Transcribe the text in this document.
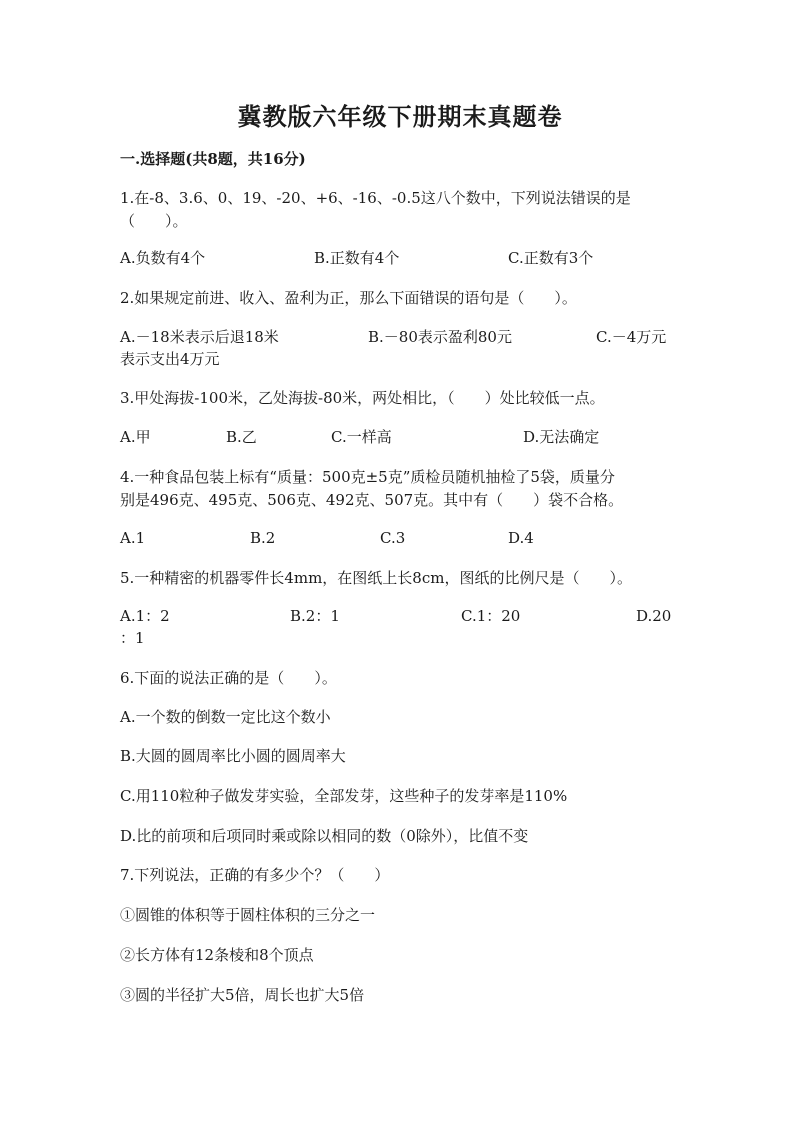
冀教版六年级下册期末真题卷
一.选择题(共8题，共16分)
1.在-8、3.6、0、19、-20、+6、-16、-0.5这八个数中，下列说法错误的是
（　　）。
A.负数有4个	B.正数有4个	C.正数有3个
2.如果规定前进、收入、盈利为正，那么下面错误的语句是（　　）。
A.－18米表示后退18米	B.－80表示盈利80元	C.－4万元
表示支出4万元
3.甲处海拔-100米，乙处海拔-80米，两处相比，（　　）处比较低一点。
A.甲	B.乙	C.一样高	D.无法确定
4.一种食品包装上标有“质量：500克±5克”质检员随机抽检了5袋，质量分
别是496克、495克、506克、492克、507克。其中有（　　）袋不合格。
A.1	B.2	C.3	D.4
5.一种精密的机器零件长4mm，在图纸上长8cm，图纸的比例尺是（　　）。
A.1：2	B.2：1	C.1：20	D.20
：1
6.下面的说法正确的是（　　）。
A.一个数的倒数一定比这个数小
B.大圆的圆周率比小圆的圆周率大
C.用110粒种子做发芽实验，全部发芽，这些种子的发芽率是110%
D.比的前项和后项同时乘或除以相同的数（0除外），比值不变
7.下列说法，正确的有多少个？（　　）
①圆锥的体积等于圆柱体积的三分之一
②长方体有12条棱和8个顶点
③圆的半径扩大5倍，周长也扩大5倍
